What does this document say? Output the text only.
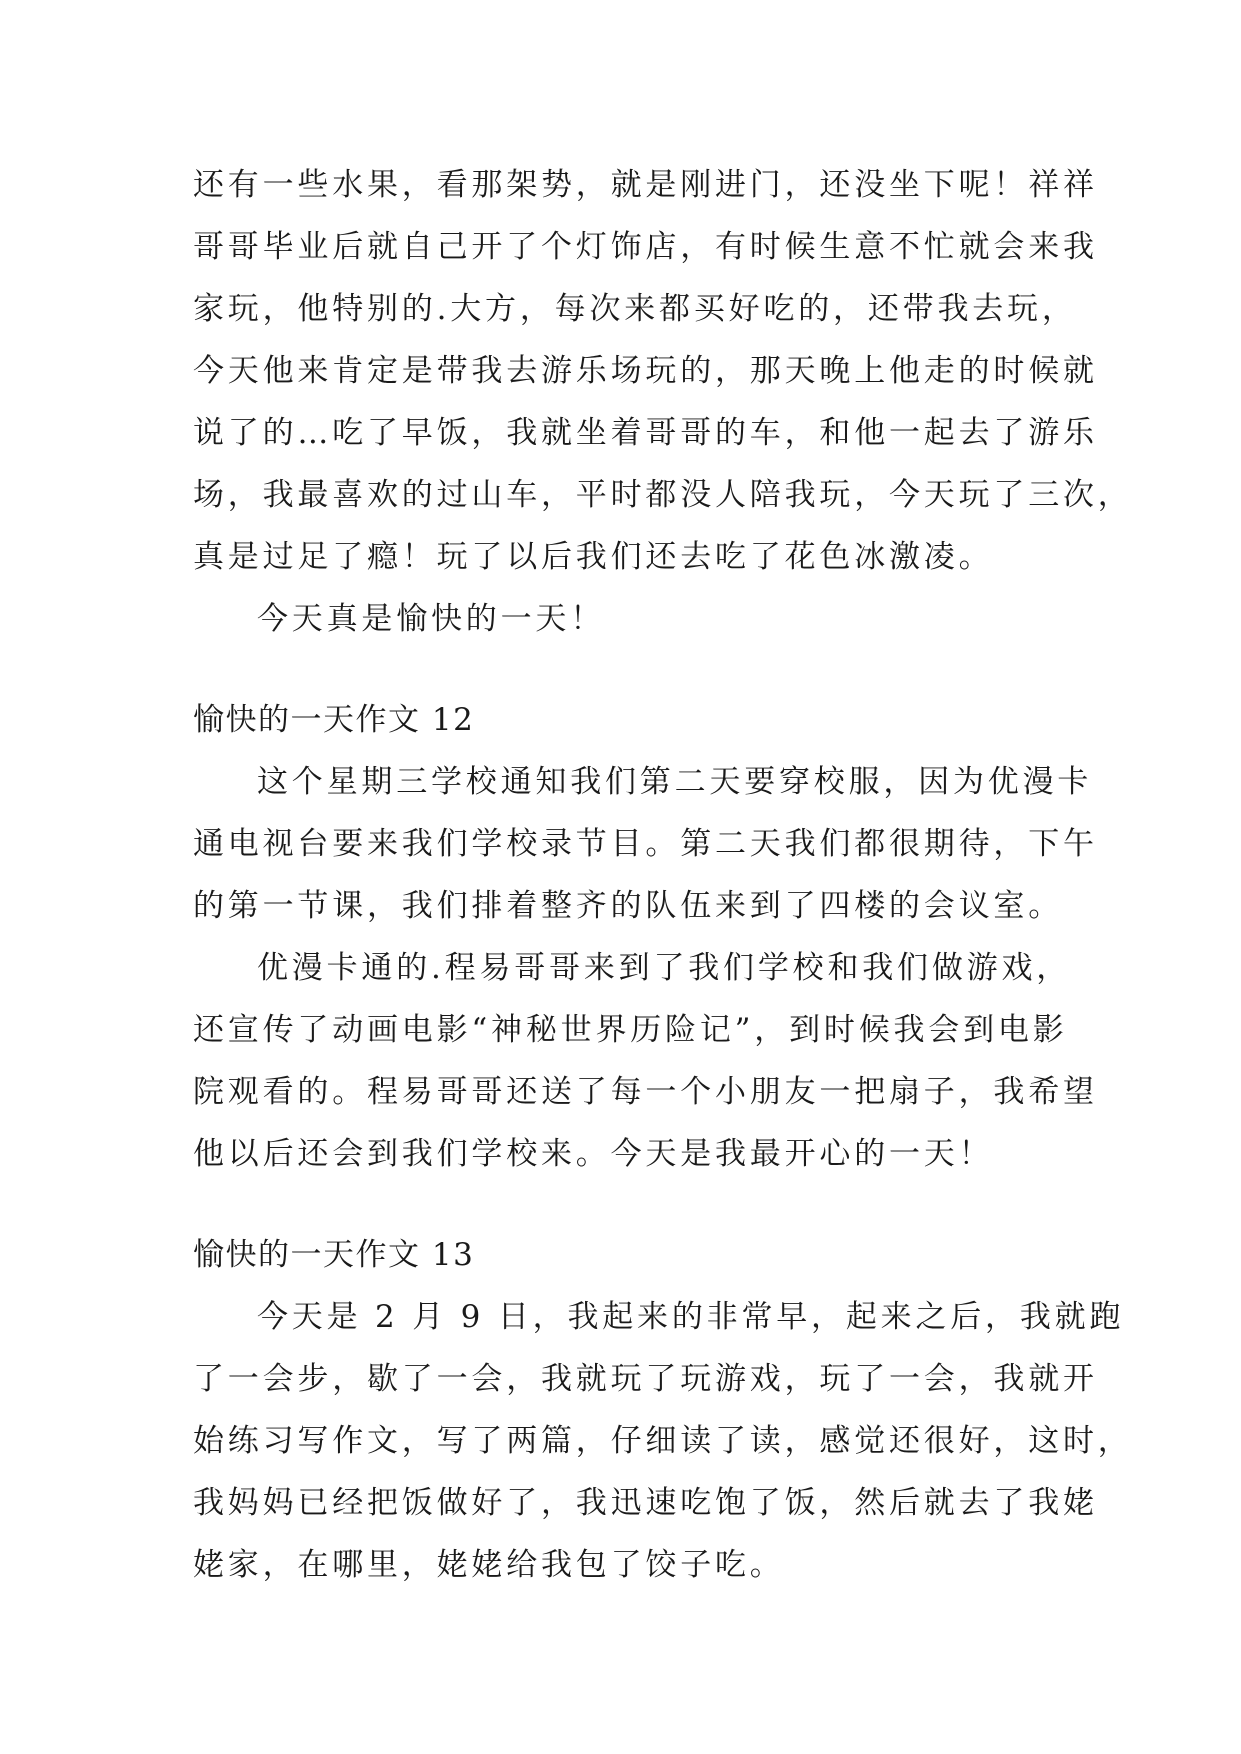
还有一些水果，看那架势，就是刚进门，还没坐下呢！祥祥
哥哥毕业后就自己开了个灯饰店，有时候生意不忙就会来我
家玩，他特别的.大方，每次来都买好吃的，还带我去玩，
今天他来肯定是带我去游乐场玩的，那天晚上他走的时候就
说了的…吃了早饭，我就坐着哥哥的车，和他一起去了游乐
场，我最喜欢的过山车，平时都没人陪我玩，今天玩了三次，
真是过足了瘾！玩了以后我们还去吃了花色冰激凌。
今天真是愉快的一天！
愉快的一天作文 12
这个星期三学校通知我们第二天要穿校服，因为优漫卡
通电视台要来我们学校录节目。第二天我们都很期待，下午
的第一节课，我们排着整齐的队伍来到了四楼的会议室。
优漫卡通的.程易哥哥来到了我们学校和我们做游戏，
还宣传了动画电影“神秘世界历险记”，到时候我会到电影
院观看的。程易哥哥还送了每一个小朋友一把扇子，我希望
他以后还会到我们学校来。今天是我最开心的一天！
愉快的一天作文 13
今天是 2 月 9 日，我起来的非常早，起来之后，我就跑
了一会步，歇了一会，我就玩了玩游戏，玩了一会，我就开
始练习写作文，写了两篇，仔细读了读，感觉还很好，这时，
我妈妈已经把饭做好了，我迅速吃饱了饭，然后就去了我姥
姥家，在哪里，姥姥给我包了饺子吃。
